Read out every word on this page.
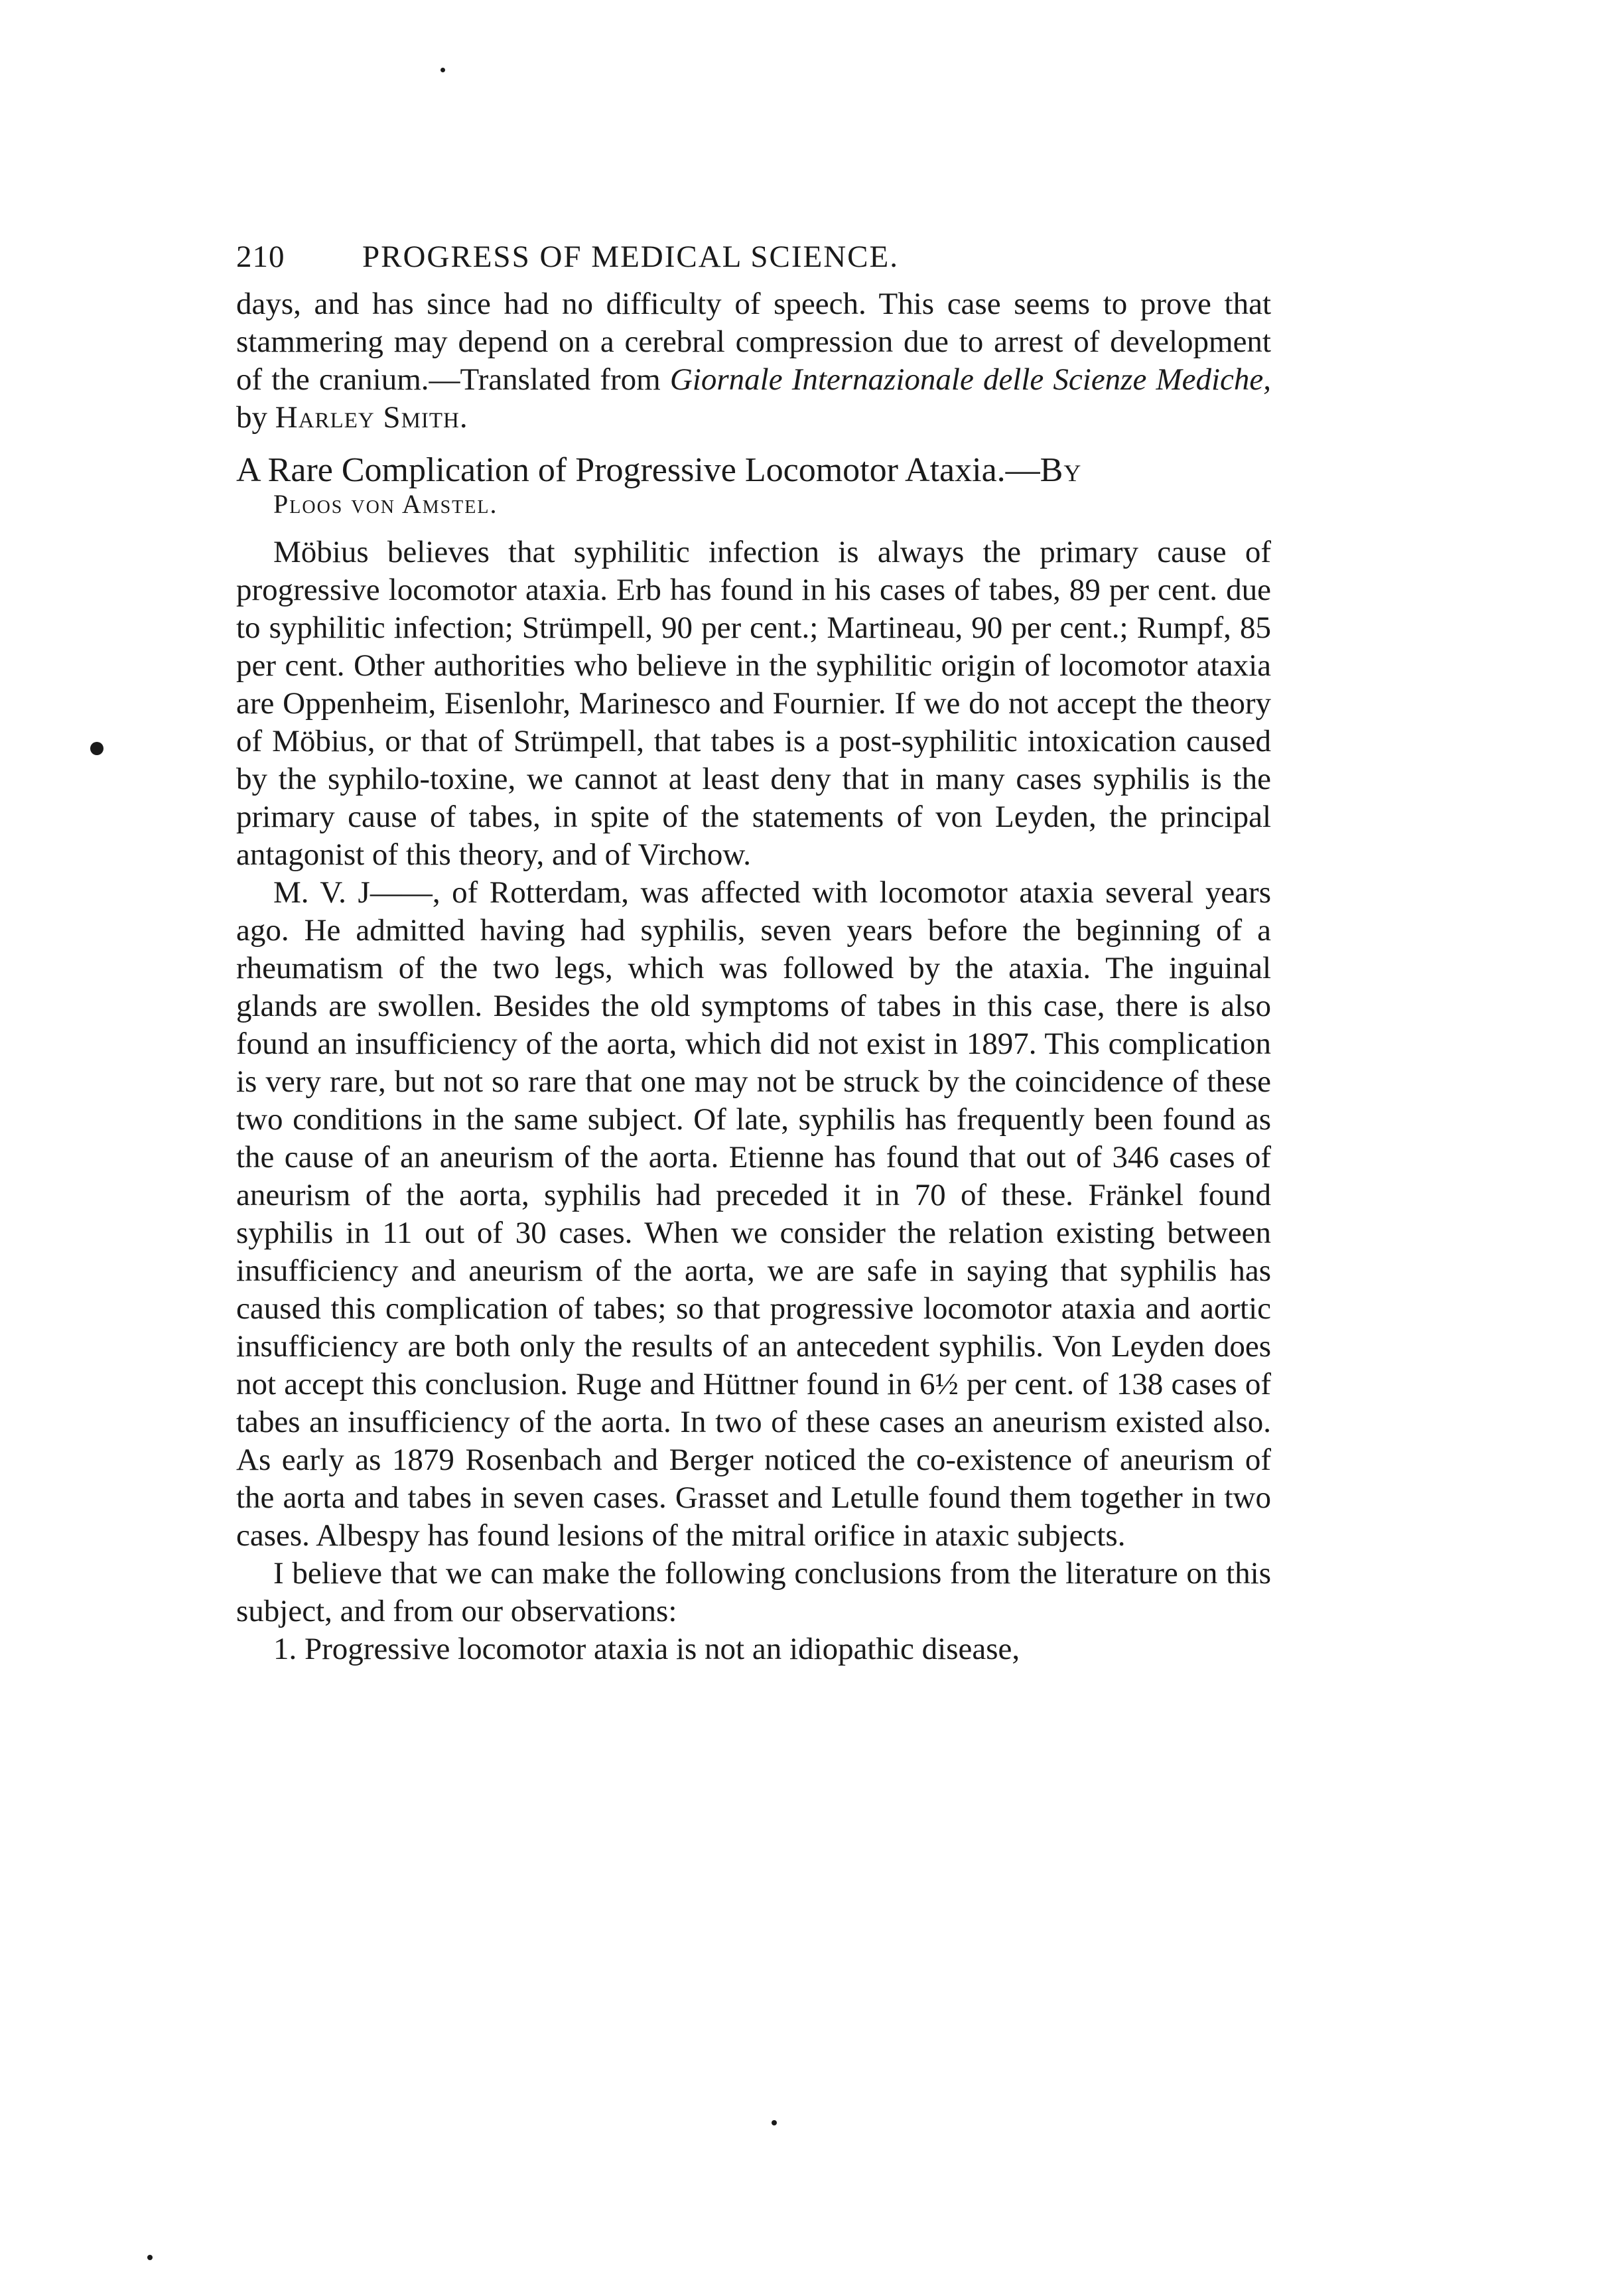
210 PROGRESS OF MEDICAL SCIENCE.
days, and has since had no difficulty of speech. This case seems to prove that stammering may depend on a cerebral compression due to arrest of development of the cranium.—Translated from Giornale Internazionale delle Scienze Mediche, by Harley Smith.
A Rare Complication of Progressive Locomotor Ataxia.—By
Ploos von Amstel.

Möbius believes that syphilitic infection is always the primary cause of progressive locomotor ataxia. Erb has found in his cases of tabes, 89 per cent. due to syphilitic infection; Strümpell, 90 per cent.; Martineau, 90 per cent.; Rumpf, 85 per cent. Other authorities who believe in the syphilitic origin of locomotor ataxia are Oppenheim, Eisenlohr, Marinesco and Fournier. If we do not accept the theory of Möbius, or that of Strümpell, that tabes is a post-syphilitic intoxication caused by the syphilo-toxine, we cannot at least deny that in many cases syphilis is the primary cause of tabes, in spite of the statements of von Leyden, the principal antagonist of this theory, and of Virchow.

M. V. J——, of Rotterdam, was affected with locomotor ataxia several years ago. He admitted having had syphilis, seven years before the beginning of a rheumatism of the two legs, which was followed by the ataxia. The inguinal glands are swollen. Besides the old symptoms of tabes in this case, there is also found an insufficiency of the aorta, which did not exist in 1897. This complication is very rare, but not so rare that one may not be struck by the coincidence of these two conditions in the same subject. Of late, syphilis has frequently been found as the cause of an aneurism of the aorta. Etienne has found that out of 346 cases of aneurism of the aorta, syphilis had preceded it in 70 of these. Fränkel found syphilis in 11 out of 30 cases. When we consider the relation existing between insufficiency and aneurism of the aorta, we are safe in saying that syphilis has caused this complication of tabes; so that progressive locomotor ataxia and aortic insufficiency are both only the results of an antecedent syphilis. Von Leyden does not accept this conclusion. Ruge and Hüttner found in 6½ per cent. of 138 cases of tabes an insufficiency of the aorta. In two of these cases an aneurism existed also. As early as 1879 Rosenbach and Berger noticed the co-existence of aneurism of the aorta and tabes in seven cases. Grasset and Letulle found them together in two cases. Albespy has found lesions of the mitral orifice in ataxic subjects.

I believe that we can make the following conclusions from the literature on this subject, and from our observations:

1. Progressive locomotor ataxia is not an idiopathic disease,
